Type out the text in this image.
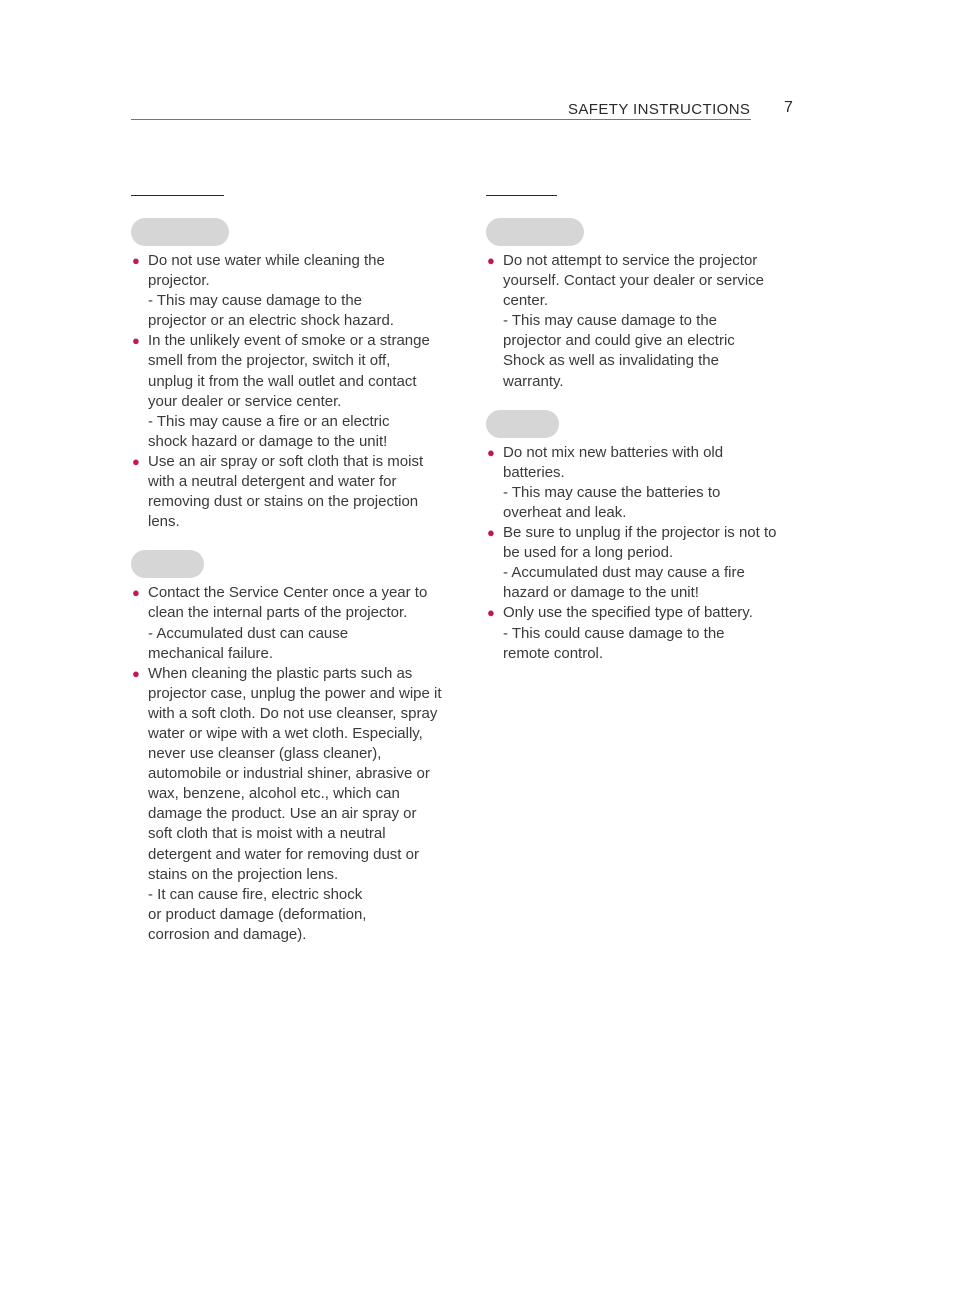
SAFETY INSTRUCTIONS 7
● Do not use water while cleaning the projector.
- This may cause damage to the
projector or an electric shock hazard.
● In the unlikely event of smoke or a strange smell from the projector, switch it off, unplug it from the wall outlet and contact your dealer or service center.
- This may cause a fire or an electric
shock hazard or damage to the unit!
● Use an air spray or soft cloth that is moist with a neutral detergent and water for removing dust or stains on the projection lens.
● Contact the Service Center once a year to clean the internal parts of the projector.
- Accumulated dust can cause
mechanical failure.
● When cleaning the plastic parts such as projector case, unplug the power and wipe it with a soft cloth. Do not use cleanser, spray water or wipe with a wet cloth. Especially, never use cleanser (glass cleaner), automobile or industrial shiner, abrasive or wax, benzene, alcohol etc., which can damage the product. Use an air spray or soft cloth that is moist with a neutral detergent and water for removing dust or stains on the projection lens.
- It can cause fire, electric shock
or product damage (deformation,
corrosion and damage).
● Do not attempt to service the projector yourself. Contact your dealer or service center.
- This may cause damage to the
projector and could give an electric
Shock as well as invalidating the
warranty.
● Do not mix new batteries with old batteries.
- This may cause the batteries to
overheat and leak.
● Be sure to unplug if the projector is not to be used for a long period.
- Accumulated dust may cause a fire
hazard or damage to the unit!
● Only use the specified type of battery.
- This could cause damage to the
remote control.
